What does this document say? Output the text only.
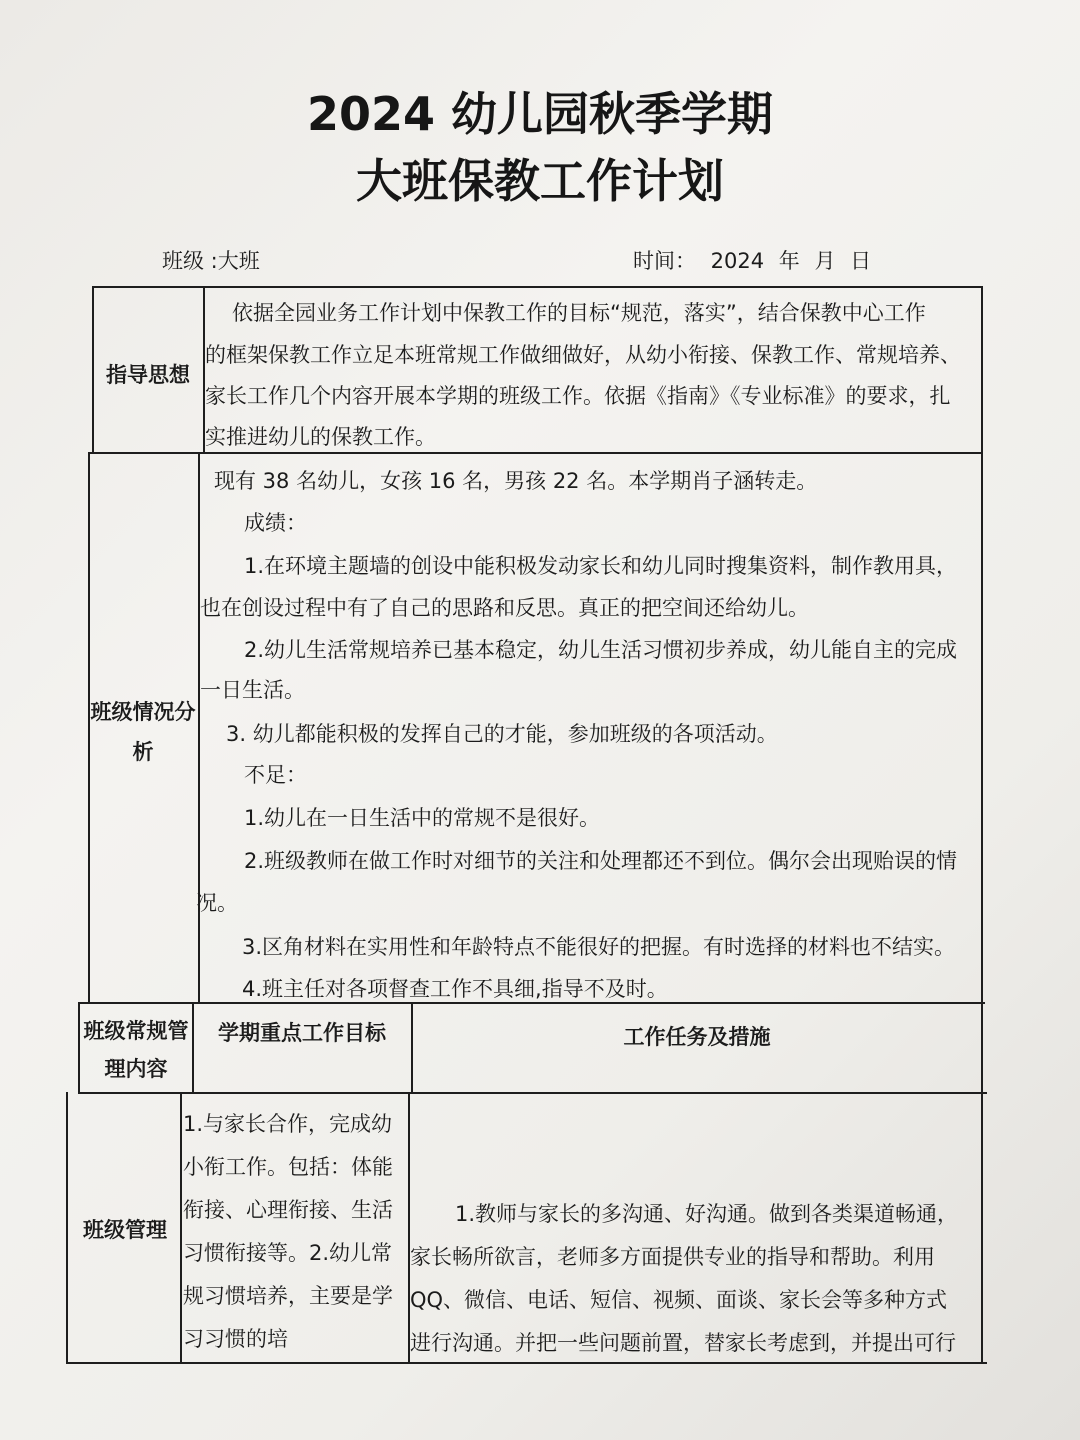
2024 幼儿园秋季学期
大班保教工作计划
班级 :大班	时间： 2024 年 月 日
指导思想
依据全园业务工作计划中保教工作的目标“规范，落实”，结合保教中心工作
的框架保教工作立足本班常规工作做细做好，从幼小衔接、保教工作、常规培养、
家长工作几个内容开展本学期的班级工作。依据《指南》《专业标准》的要求，扎
实推进幼儿的保教工作。
班级情况分析
现有 38 名幼儿，女孩 16 名，男孩 22 名。本学期肖子涵转走。
成绩：
1.在环境主题墙的创设中能积极发动家长和幼儿同时搜集资料，制作教用具，
也在创设过程中有了自己的思路和反思。真正的把空间还给幼儿。
2.幼儿生活常规培养已基本稳定，幼儿生活习惯初步养成，幼儿能自主的完成
一日生活。
3. 幼儿都能积极的发挥自己的才能，参加班级的各项活动。
不足：
1.幼儿在一日生活中的常规不是很好。
2.班级教师在做工作时对细节的关注和处理都还不到位。偶尔会出现贻误的情
况。
3.区角材料在实用性和年龄特点不能很好的把握。有时选择的材料也不结实。
4.班主任对各项督查工作不具细,指导不及时。
班级常规管理内容
学期重点工作目标	工作任务及措施
班级管理
1.与家长合作，完成幼小衔工作。包括：体能衔接、心理衔接、生活习惯衔接等。2.幼儿常规习惯培养，主要是学习习惯的培
1.教师与家长的多沟通、好沟通。做到各类渠道畅通，
家长畅所欲言，老师多方面提供专业的指导和帮助。利用
QQ、微信、电话、短信、视频、面谈、家长会等多种方式
进行沟通。并把一些问题前置，替家长考虑到，并提出可行
